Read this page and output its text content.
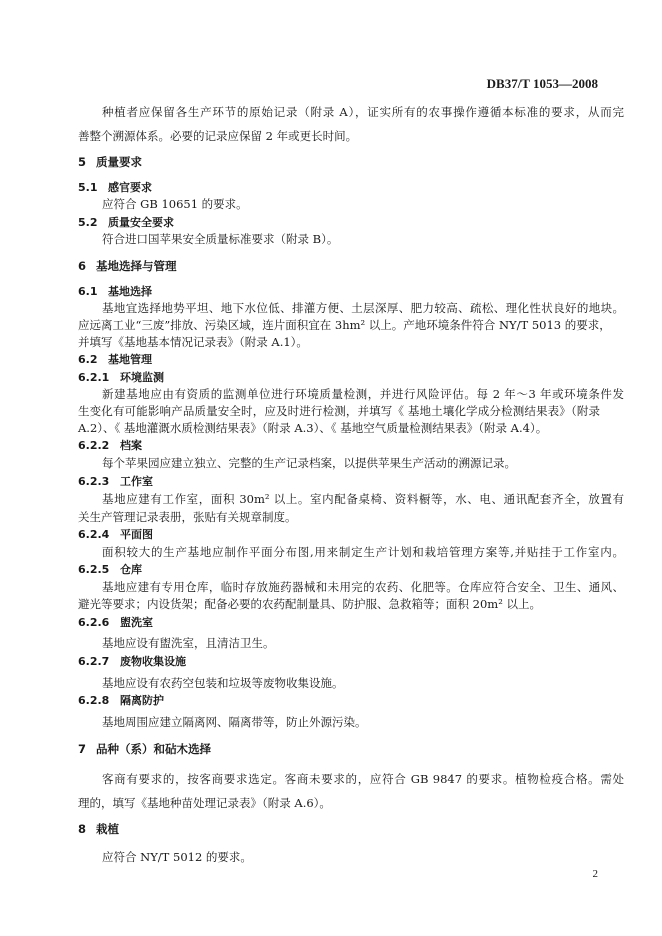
DB37/T 1053—2008
种植者应保留各生产环节的原始记录（附录 A），证实所有的农事操作遵循本标准的要求，从而完
善整个溯源体系。必要的记录应保留 2 年或更长时间。
5 质量要求
5.1 感官要求
应符合 GB 10651 的要求。
5.2 质量安全要求
符合进口国苹果安全质量标准要求（附录 B）。
6 基地选择与管理
6.1 基地选择
基地宜选择地势平坦、地下水位低、排灌方便、土层深厚、肥力较高、疏松、理化性状良好的地块。
应远离工业“三废”排放、污染区域，连片面积宜在 3hm² 以上。产地环境条件符合 NY/T 5013 的要求，
并填写《基地基本情况记录表》（附录 A.1）。
6.2 基地管理
6.2.1 环境监测
新建基地应由有资质的监测单位进行环境质量检测，并进行风险评估。每 2 年～3 年或环境条件发
生变化有可能影响产品质量安全时，应及时进行检测，并填写《 基地土壤化学成分检测结果表》（附录
A.2）、《 基地灌溉水质检测结果表》（附录 A.3）、《 基地空气质量检测结果表》（附录 A.4）。
6.2.2 档案
每个苹果园应建立独立、完整的生产记录档案，以提供苹果生产活动的溯源记录。
6.2.3 工作室
基地应建有工作室，面积 30m² 以上。室内配备桌椅、资料橱等，水、电、通讯配套齐全，放置有
关生产管理记录表册，张贴有关规章制度。
6.2.4 平面图
面积较大的生产基地应制作平面分布图,用来制定生产计划和栽培管理方案等,并贴挂于工作室内。
6.2.5 仓库
基地应建有专用仓库，临时存放施药器械和未用完的农药、化肥等。仓库应符合安全、卫生、通风、
避光等要求；内设货架；配备必要的农药配制量具、防护服、急救箱等；面积 20m² 以上。
6.2.6 盥洗室
基地应设有盥洗室，且清洁卫生。
6.2.7 废物收集设施
基地应设有农药空包装和垃圾等废物收集设施。
6.2.8 隔离防护
基地周围应建立隔离网、隔离带等，防止外源污染。
7 品种（系）和砧木选择
客商有要求的，按客商要求选定。客商未要求的，应符合 GB 9847 的要求。植物检疫合格。需处
理的，填写《基地种苗处理记录表》（附录 A.6）。
8 栽植
应符合 NY/T 5012 的要求。
2
